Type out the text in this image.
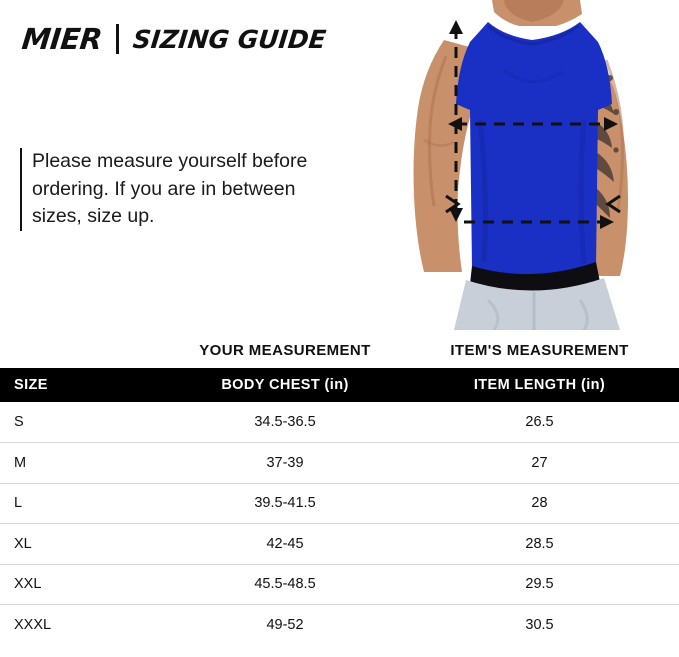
MIER SIZING GUIDE
Please measure yourself before ordering. If you are in between sizes, size up.
	YOUR MEASUREMENT	ITEM'S MEASUREMENT
SIZE	BODY CHEST (in)	ITEM LENGTH (in)
S	34.5-36.5	26.5
M	37-39	27
L	39.5-41.5	28
XL	42-45	28.5
XXL	45.5-48.5	29.5
XXXL	49-52	30.5
